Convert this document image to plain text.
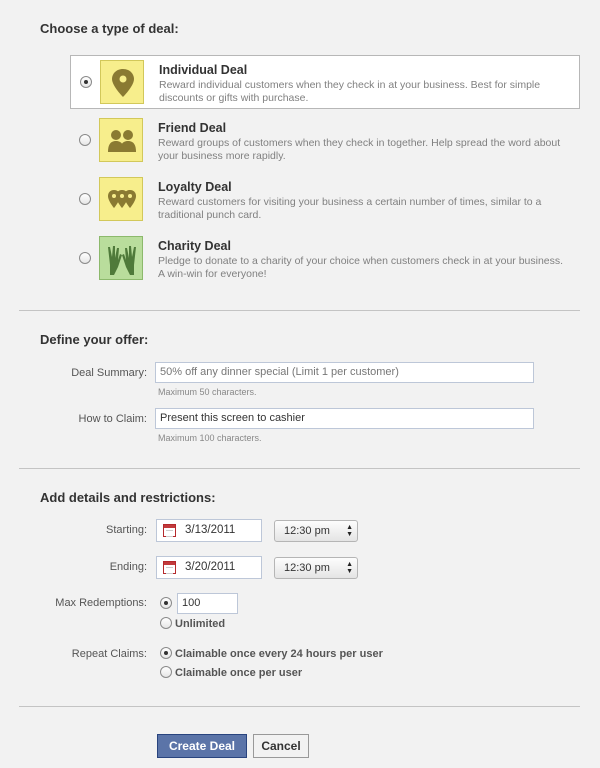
Choose a type of deal:
Individual Deal
Reward individual customers when they check in at your business. Best for simple discounts or gifts with purchase.
Friend Deal
Reward groups of customers when they check in together. Help spread the word about your business more rapidly.
Loyalty Deal
Reward customers for visiting your business a certain number of times, similar to a traditional punch card.
Charity Deal
Pledge to donate to a charity of your choice when customers check in at your business. A win-win for everyone!
Define your offer:
Deal Summary:	50% off any dinner special (Limit 1 per customer)
Maximum 50 characters.
How to Claim:	Present this screen to cashier
Maximum 100 characters.
Add details and restrictions:
Starting:	3/13/2011	12:30 pm ▲
▼
Ending:	3/20/2011	12:30 pm ▲
▼
Max Redemptions:	100
Unlimited
Repeat Claims:	Claimable once every 24 hours per user
Claimable once per user
Create Deal	Cancel
